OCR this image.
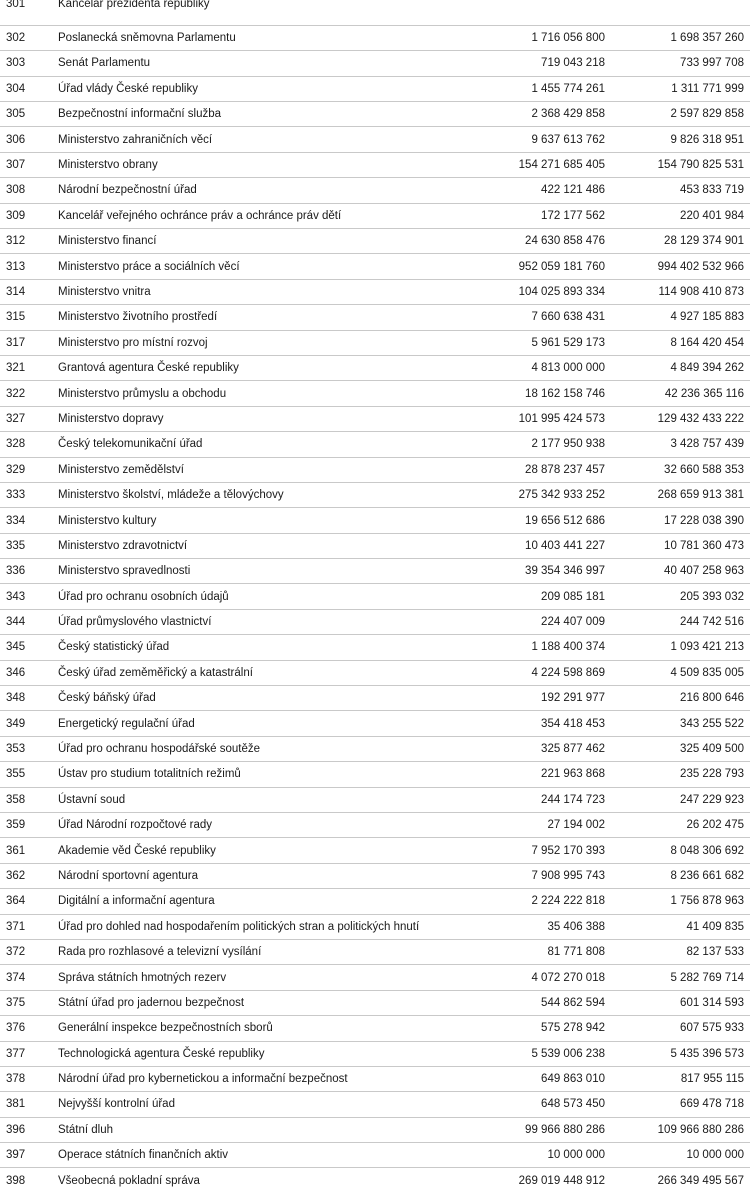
301	Kancelář prezidenta republiky		

302	Poslanecká sněmovna Parlamentu	1 716 056 800	1 698 357 260
303	Senát Parlamentu	719 043 218	733 997 708
304	Úřad vlády České republiky	1 455 774 261	1 311 771 999
305	Bezpečnostní informační služba	2 368 429 858	2 597 829 858
306	Ministerstvo zahraničních věcí	9 637 613 762	9 826 318 951
307	Ministerstvo obrany	154 271 685 405	154 790 825 531
308	Národní bezpečnostní úřad	422 121 486	453 833 719
309	Kancelář veřejného ochránce práv a ochránce práv dětí	172 177 562	220 401 984
312	Ministerstvo financí	24 630 858 476	28 129 374 901
313	Ministerstvo práce a sociálních věcí	952 059 181 760	994 402 532 966
314	Ministerstvo vnitra	104 025 893 334	114 908 410 873
315	Ministerstvo životního prostředí	7 660 638 431	4 927 185 883
317	Ministerstvo pro místní rozvoj	5 961 529 173	8 164 420 454
321	Grantová agentura České republiky	4 813 000 000	4 849 394 262
322	Ministerstvo průmyslu a obchodu	18 162 158 746	42 236 365 116
327	Ministerstvo dopravy	101 995 424 573	129 432 433 222
328	Český telekomunikační úřad	2 177 950 938	3 428 757 439
329	Ministerstvo zemědělství	28 878 237 457	32 660 588 353
333	Ministerstvo školství, mládeže a tělovýchovy	275 342 933 252	268 659 913 381
334	Ministerstvo kultury	19 656 512 686	17 228 038 390
335	Ministerstvo zdravotnictví	10 403 441 227	10 781 360 473
336	Ministerstvo spravedlnosti	39 354 346 997	40 407 258 963
343	Úřad pro ochranu osobních údajů	209 085 181	205 393 032
344	Úřad průmyslového vlastnictví	224 407 009	244 742 516
345	Český statistický úřad	1 188 400 374	1 093 421 213
346	Český úřad zeměměřický a katastrální	4 224 598 869	4 509 835 005
348	Český báňský úřad	192 291 977	216 800 646
349	Energetický regulační úřad	354 418 453	343 255 522
353	Úřad pro ochranu hospodářské soutěže	325 877 462	325 409 500
355	Ústav pro studium totalitních režimů	221 963 868	235 228 793
358	Ústavní soud	244 174 723	247 229 923
359	Úřad Národní rozpočtové rady	27 194 002	26 202 475
361	Akademie věd České republiky	7 952 170 393	8 048 306 692
362	Národní sportovní agentura	7 908 995 743	8 236 661 682
364	Digitální a informační agentura	2 224 222 818	1 756 878 963
371	Úřad pro dohled nad hospodařením politických stran a politických hnutí	35 406 388	41 409 835
372	Rada pro rozhlasové a televizní vysílání	81 771 808	82 137 533
374	Správa státních hmotných rezerv	4 072 270 018	5 282 769 714
375	Státní úřad pro jadernou bezpečnost	544 862 594	601 314 593
376	Generální inspekce bezpečnostních sborů	575 278 942	607 575 933
377	Technologická agentura České republiky	5 539 006 238	5 435 396 573
378	Národní úřad pro kybernetickou a informační bezpečnost	649 863 010	817 955 115
381	Nejvyšší kontrolní úřad	648 573 450	669 478 718
396	Státní dluh	99 966 880 286	109 966 880 286
397	Operace státních finančních aktiv	10 000 000	10 000 000
398	Všeobecná pokladní správa	269 019 448 912	266 349 495 567
